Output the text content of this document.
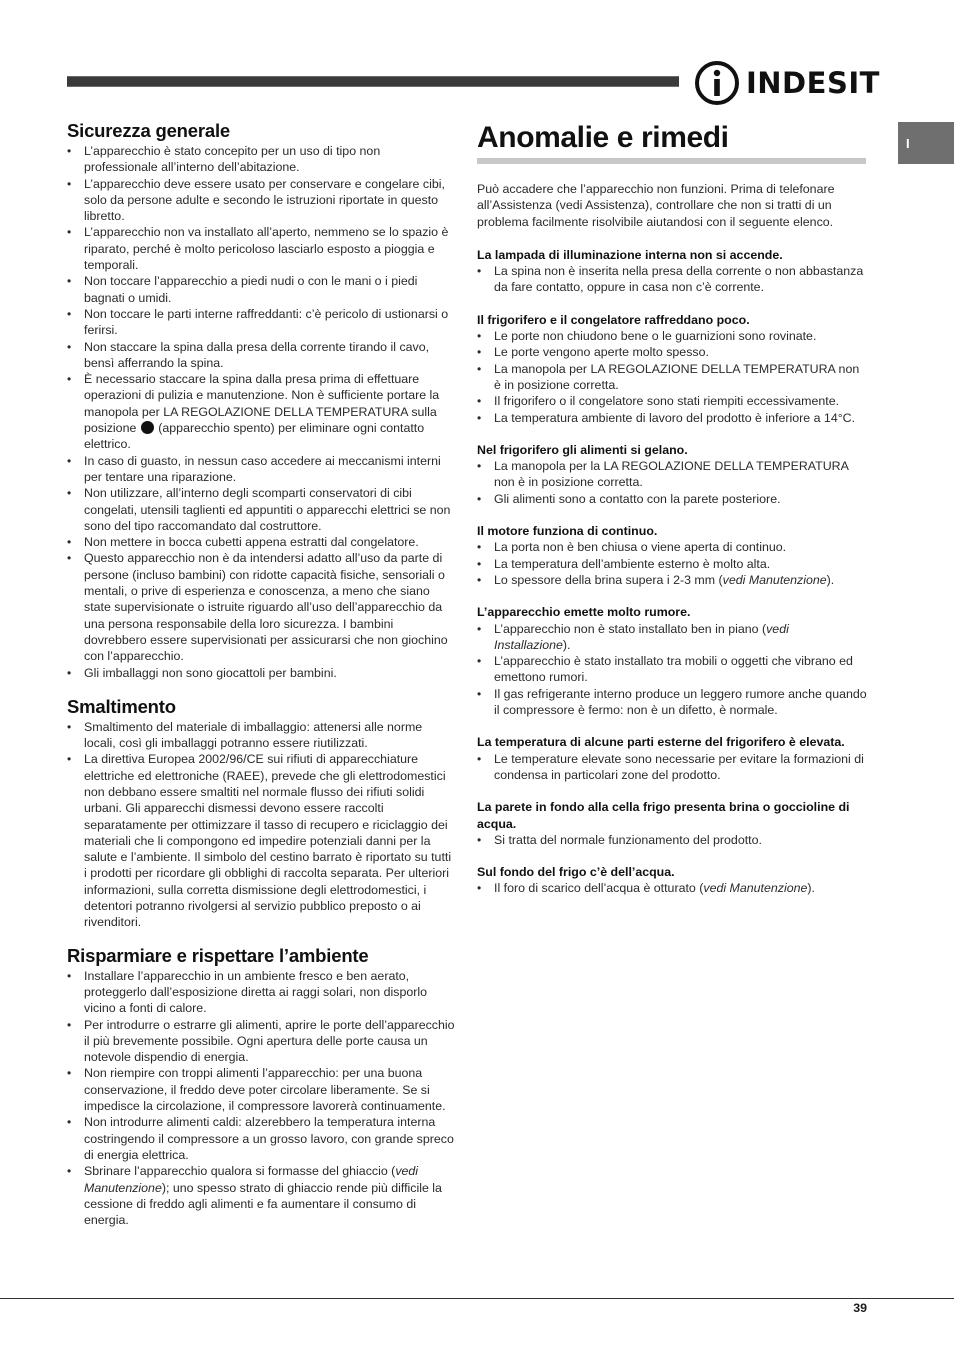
INDESIT
I
Sicurezza generale
• L’apparecchio è stato concepito per un uso di tipo non professionale all’interno dell’abitazione.
• L’apparecchio deve essere usato per conservare e congelare cibi, solo da persone adulte e secondo le istruzioni riportate in questo libretto.
• L’apparecchio non va installato all’aperto, nemmeno se lo spazio è riparato, perché è molto pericoloso lasciarlo esposto a pioggia e temporali.
• Non toccare l’apparecchio a piedi nudi o con le mani o i piedi bagnati o umidi.
• Non toccare le parti interne raffreddanti: c’è pericolo di ustionarsi o ferirsi.
• Non staccare la spina dalla presa della corrente tirando il cavo, bensì afferrando la spina.
• È necessario staccare la spina dalla presa prima di effettuare operazioni di pulizia e manutenzione. Non è sufficiente portare la manopola per LA REGOLAZIONE DELLA TEMPERATURA sulla posizione (apparecchio spento) per eliminare ogni contatto elettrico.
• In caso di guasto, in nessun caso accedere ai meccanismi interni per tentare una riparazione.
• Non utilizzare, all’interno degli scomparti conservatori di cibi congelati, utensili taglienti ed appuntiti o apparecchi elettrici se non sono del tipo raccomandato dal costruttore.
• Non mettere in bocca cubetti appena estratti dal congelatore.
• Questo apparecchio non è da intendersi adatto all’uso da parte di persone (incluso bambini) con ridotte capacità fisiche, sensoriali o mentali, o prive di esperienza e conoscenza, a meno che siano state supervisionate o istruite riguardo all’uso dell’apparecchio da una persona responsabile della loro sicurezza. I bambini dovrebbero essere supervisionati per assicurarsi che non giochino con l’apparecchio.
• Gli imballaggi non sono giocattoli per bambini.
Smaltimento
• Smaltimento del materiale di imballaggio: attenersi alle norme locali, così gli imballaggi potranno essere riutilizzati.
• La direttiva Europea 2002/96/CE sui rifiuti di apparecchiature elettriche ed elettroniche (RAEE), prevede che gli elettrodomestici non debbano essere smaltiti nel normale flusso dei rifiuti solidi urbani. Gli apparecchi dismessi devono essere raccolti separatamente per ottimizzare il tasso di recupero e riciclaggio dei materiali che li compongono ed impedire potenziali danni per la salute e l’ambiente. Il simbolo del cestino barrato è riportato su tutti i prodotti per ricordare gli obblighi di raccolta separata. Per ulteriori informazioni, sulla corretta dismissione degli elettrodomestici, i detentori potranno rivolgersi al servizio pubblico preposto o ai rivenditori.
Risparmiare e rispettare l’ambiente
• Installare l’apparecchio in un ambiente fresco e ben aerato, proteggerlo dall’esposizione diretta ai raggi solari, non disporlo vicino a fonti di calore.
• Per introdurre o estrarre gli alimenti, aprire le porte dell’apparecchio il più brevemente possibile. Ogni apertura delle porte causa un notevole dispendio di energia.
• Non riempire con troppi alimenti l’apparecchio: per una buona conservazione, il freddo deve poter circolare liberamente. Se si impedisce la circolazione, il compressore lavorerà continuamente.
• Non introdurre alimenti caldi: alzerebbero la temperatura interna costringendo il compressore a un grosso lavoro, con grande spreco di energia elettrica.
• Sbrinare l’apparecchio qualora si formasse del ghiaccio (vedi Manutenzione); uno spesso strato di ghiaccio rende più difficile la cessione di freddo agli alimenti e fa aumentare il consumo di energia.
Anomalie e rimedi

Può accadere che l’apparecchio non funzioni. Prima di telefonare all’Assistenza (vedi Assistenza), controllare che non si tratti di un problema facilmente risolvibile aiutandosi con il seguente elenco.

La lampada di illuminazione interna non si accende.
• La spina non è inserita nella presa della corrente o non abbastanza da fare contatto, oppure in casa non c’è corrente.
Il frigorifero e il congelatore raffreddano poco.
• Le porte non chiudono bene o le guarnizioni sono rovinate.
• Le porte vengono aperte molto spesso.
• La manopola per LA REGOLAZIONE DELLA TEMPERATURA non è in posizione corretta.
• Il frigorifero o il congelatore sono stati riempiti eccessivamente.
• La temperatura ambiente di lavoro del prodotto è inferiore a 14°C.
Nel frigorifero gli alimenti si gelano.
• La manopola per la LA REGOLAZIONE DELLA TEMPERATURA non è in posizione corretta.
• Gli alimenti sono a contatto con la parete posteriore.
Il motore funziona di continuo.
• La porta non è ben chiusa o viene aperta di continuo.
• La temperatura dell’ambiente esterno è molto alta.
• Lo spessore della brina supera i 2-3 mm (vedi Manutenzione).
L’apparecchio emette molto rumore.
• L’apparecchio non è stato installato ben in piano (vedi Installazione).
• L’apparecchio è stato installato tra mobili o oggetti che vibrano ed emettono rumori.
• Il gas refrigerante interno produce un leggero rumore anche quando il compressore è fermo: non è un difetto, è normale.
La temperatura di alcune parti esterne del frigorifero è elevata.
• Le temperature elevate sono necessarie per evitare la formazioni di condensa in particolari zone del prodotto.
La parete in fondo alla cella frigo presenta brina o goccioline di acqua.
• Si tratta del normale funzionamento del prodotto.
Sul fondo del frigo c’è dell’acqua.
• Il foro di scarico dell’acqua è otturato (vedi Manutenzione).
39
